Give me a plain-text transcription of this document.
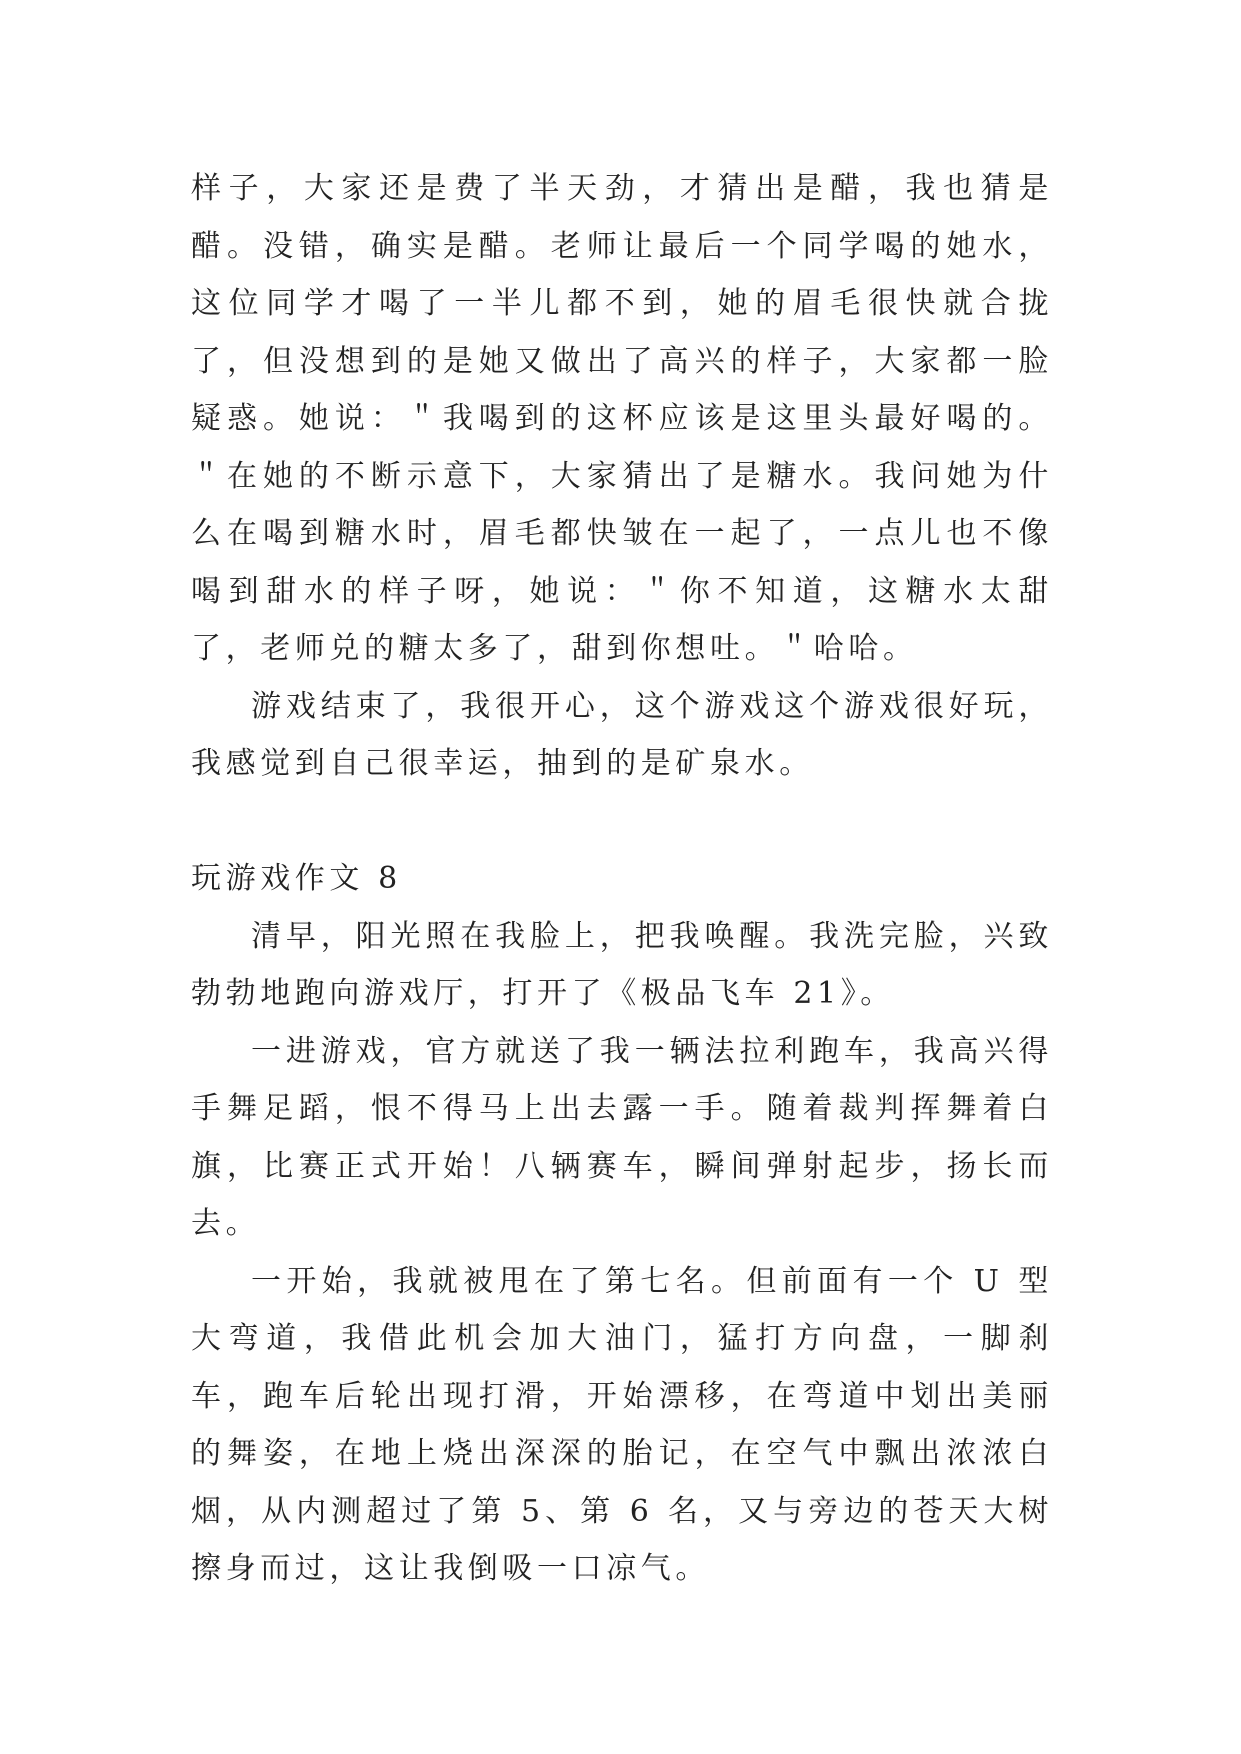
样子，大家还是费了半天劲，才猜出是醋，我也猜是醋。没错，确实是醋。老师让最后一个同学喝的她水，这位同学才喝了一半儿都不到，她的眉毛很快就合拢了，但没想到的是她又做出了高兴的样子，大家都一脸疑惑。她说：＂我喝到的这杯应该是这里头最好喝的。＂在她的不断示意下，大家猜出了是糖水。我问她为什么在喝到糖水时，眉毛都快皱在一起了，一点儿也不像喝到甜水的样子呀，她说：＂你不知道，这糖水太甜了，老师兑的糖太多了，甜到你想吐。＂哈哈。

游戏结束了，我很开心，这个游戏这个游戏很好玩，我感觉到自己很幸运，抽到的是矿泉水。

玩游戏作文 8

清早，阳光照在我脸上，把我唤醒。我洗完脸，兴致勃勃地跑向游戏厅，打开了《极品飞车 21》。

一进游戏，官方就送了我一辆法拉利跑车，我高兴得手舞足蹈，恨不得马上出去露一手。随着裁判挥舞着白旗，比赛正式开始！八辆赛车，瞬间弹射起步，扬长而去。

一开始，我就被甩在了第七名。但前面有一个 U 型大弯道，我借此机会加大油门，猛打方向盘，一脚刹车，跑车后轮出现打滑，开始漂移，在弯道中划出美丽的舞姿，在地上烧出深深的胎记，在空气中飘出浓浓白烟，从内测超过了第 5、第 6 名，又与旁边的苍天大树擦身而过，这让我倒吸一口凉气。
